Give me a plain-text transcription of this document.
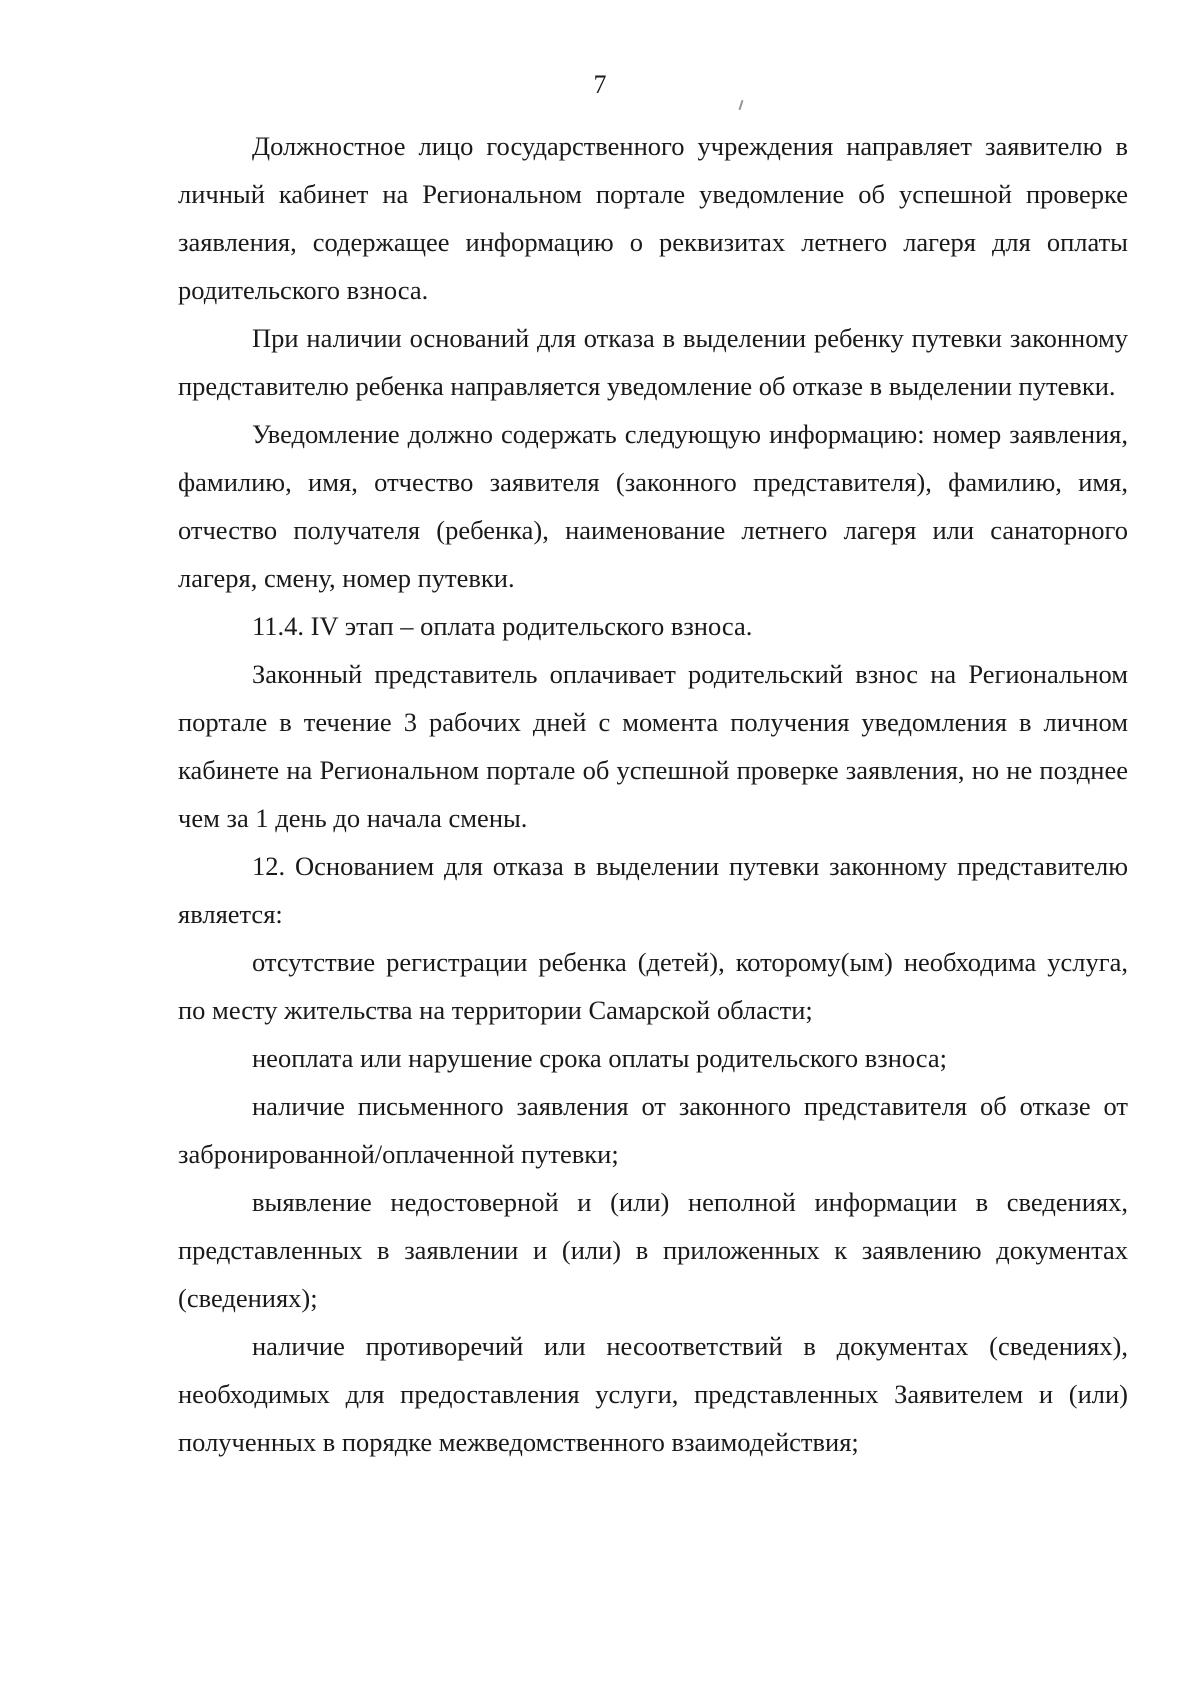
7

Должностное лицо государственного учреждения направляет заявителю в личный кабинет на Региональном портале уведомление об успешной проверке заявления, содержащее информацию о реквизитах летнего лагеря для оплаты родительского взноса.

При наличии оснований для отказа в выделении ребенку путевки законному представителю ребенка направляется уведомление об отказе в выделении путевки.

Уведомление должно содержать следующую информацию: номер заявления, фамилию, имя, отчество заявителя (законного представителя), фамилию, имя, отчество получателя (ребенка), наименование летнего лагеря или санаторного лагеря, смену, номер путевки.

11.4. IV этап – оплата родительского взноса.

Законный представитель оплачивает родительский взнос на Региональном портале в течение 3 рабочих дней с момента получения уведомления в личном кабинете на Региональном портале об успешной проверке заявления, но не позднее чем за 1 день до начала смены.

12. Основанием для отказа в выделении путевки законному представителю является:

отсутствие регистрации ребенка (детей), которому(ым) необходима услуга, по месту жительства на территории Самарской области;

неоплата или нарушение срока оплаты родительского взноса;

наличие письменного заявления от законного представителя об отказе от забронированной/оплаченной путевки;

выявление недостоверной и (или) неполной информации в сведениях, представленных в заявлении и (или) в приложенных к заявлению документах (сведениях);

наличие противоречий или несоответствий в документах (сведениях), необходимых для предоставления услуги, представленных Заявителем и (или) полученных в порядке межведомственного взаимодействия;
